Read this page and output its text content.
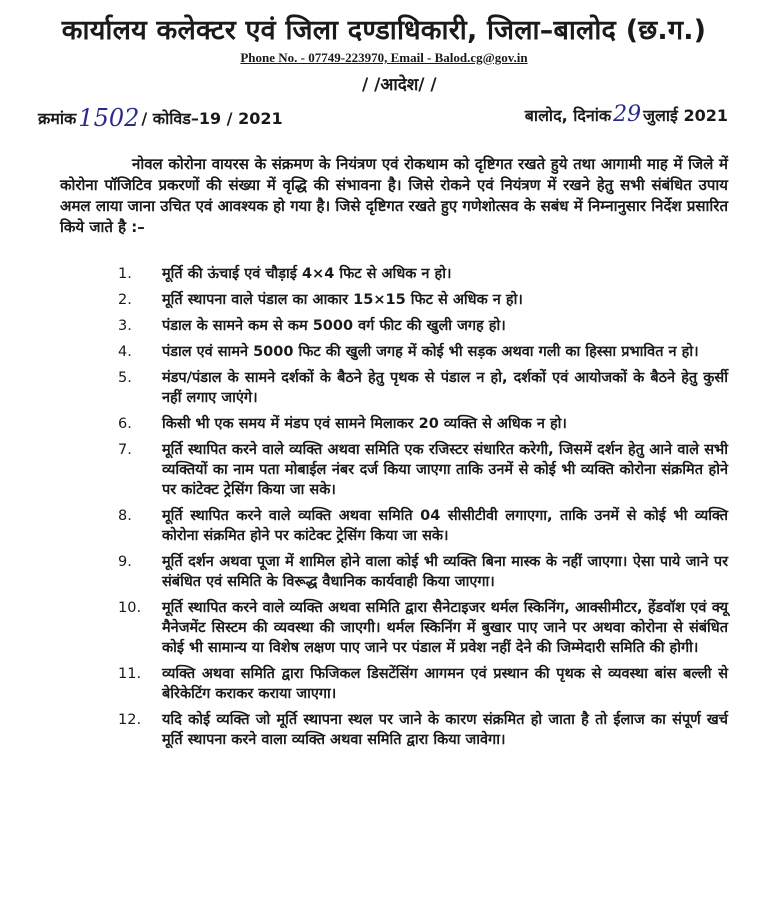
कार्यालय कलेक्टर एवं जिला दण्डाधिकारी, जिला–बालोद (छ.ग.)
Phone No. - 07749-223970, Email - Balod.cg@gov.in
/ /आदेश/ /
क्रमांक1502 / कोविड–19 / 2021	बालोद, दिनांक29 जुलाई 2021
नोवल कोरोना वायरस के संक्रमण के नियंत्रण एवं रोकथाम को दृष्टिगत रखते हुये तथा आगामी माह में जिले में कोरोना पॉजिटिव प्रकरणों की संख्या में वृद्धि की संभावना है। जिसे रोकने एवं नियंत्रण में रखने हेतु सभी संबंधित उपाय अमल लाया जाना उचित एवं आवश्यक हो गया है। जिसे दृष्टिगत रखते हुए गणेशोत्सव के सबंध में निम्नानुसार निर्देश प्रसारित किये जाते है :–
1. मूर्ति की ऊंचाई एवं चौड़ाई 4×4 फिट से अधिक न हो।
2. मूर्ति स्थापना वाले पंडाल का आकार 15×15 फिट से अधिक न हो।
3. पंडाल के सामने कम से कम 5000 वर्ग फीट की खुली जगह हो।
4. पंडाल एवं सामने 5000 फिट की खुली जगह में कोई भी सड़क अथवा गली का हिस्सा प्रभावित न हो।
5. मंडप/पंडाल के सामने दर्शकों के बैठने हेतु पृथक से पंडाल न हो, दर्शकों एवं आयोजकों के बैठने हेतु कुर्सी नहीं लगाए जाएंगे।
6. किसी भी एक समय में मंडप एवं सामने मिलाकर 20 व्यक्ति से अधिक न हो।
7. मूर्ति स्थापित करने वाले व्यक्ति अथवा समिति एक रजिस्टर संधारित करेगी, जिसमें दर्शन हेतु आने वाले सभी व्यक्तियों का नाम पता मोबाईल नंबर दर्ज किया जाएगा ताकि उनमें से कोई भी व्यक्ति कोरोना संक्रमित होने पर कांटेक्ट ट्रेसिंग किया जा सके।
8. मूर्ति स्थापित करने वाले व्यक्ति अथवा समिति 04 सीसीटीवी लगाएगा, ताकि उनमें से कोई भी व्यक्ति कोरोना संक्रमित होने पर कांटेक्ट ट्रेसिंग किया जा सके।
9. मूर्ति दर्शन अथवा पूजा में शामिल होने वाला कोई भी व्यक्ति बिना मास्क के नहीं जाएगा। ऐसा पाये जाने पर संबंधित एवं समिति के विरूद्ध वैधानिक कार्यवाही किया जाएगा।
10. मूर्ति स्थापित करने वाले व्यक्ति अथवा समिति द्वारा सैनेटाइजर थर्मल स्किनिंग, आक्सीमीटर, हेंडवॉश एवं क्यू मैनेजमेंट सिस्टम की व्यवस्था की जाएगी। थर्मल स्किनिंग में बुखार पाए जाने पर अथवा कोरोना से संबंधित कोई भी सामान्य या विशेष लक्षण पाए जाने पर पंडाल में प्रवेश नहीं देने की जिम्मेदारी समिति की होगी।
11. व्यक्ति अथवा समिति द्वारा फिजिकल डिसटेंसिंग आगमन एवं प्रस्थान की पृथक से व्यवस्था बांस बल्ली से बेरिकेटिंग कराकर कराया जाएगा।
12. यदि कोई व्यक्ति जो मूर्ति स्थापना स्थल पर जाने के कारण संक्रमित हो जाता है तो ईलाज का संपूर्ण खर्च मूर्ति स्थापना करने वाला व्यक्ति अथवा समिति द्वारा किया जावेगा।
